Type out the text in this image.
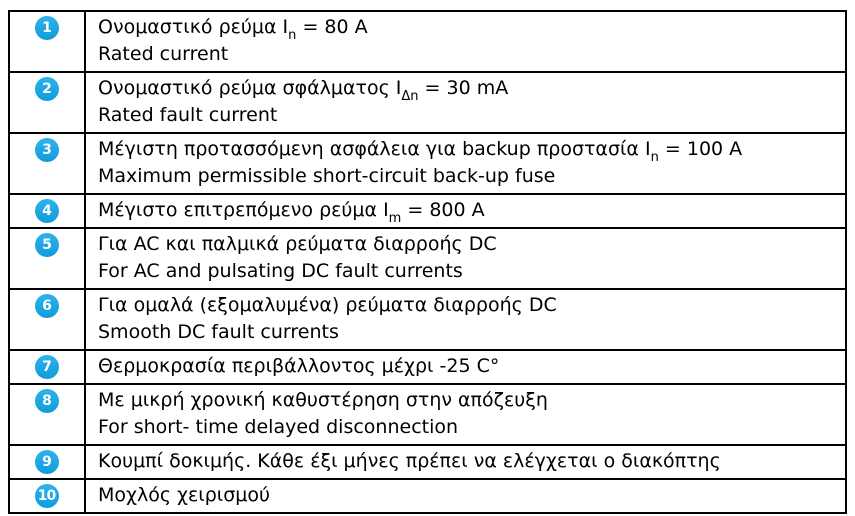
1	Ονομαστικό ρεύμα $I_n = 80$ A
Rated current
2	Ονομαστικό ρεύμα σφάλματος $I_{\Delta n} = 30$ mA
Rated fault current
3	Μέγιστη προτασσόμενη ασφάλεια για backup προστασία $I_n = 100$ A
Maximum permissible short-circuit back-up fuse
4	Μέγιστο επιτρεπόμενο ρεύμα $I_m = 800$ A
5	Για AC και παλμικά ρεύματα διαρροής DC
For AC and pulsating DC fault currents
6	Για ομαλά (εξομαλυμένα) ρεύματα διαρροής DC
Smooth DC fault currents
7	Θερμοκρασία περιβάλλοντος μέχρι -25 C°
8	Με μικρή χρονική καθυστέρηση στην απόζευξη
For short- time delayed disconnection
9	Κουμπί δοκιμής. Κάθε έξι μήνες πρέπει να ελέγχεται ο διακόπτης
10 Μοχλός χειρισμού
